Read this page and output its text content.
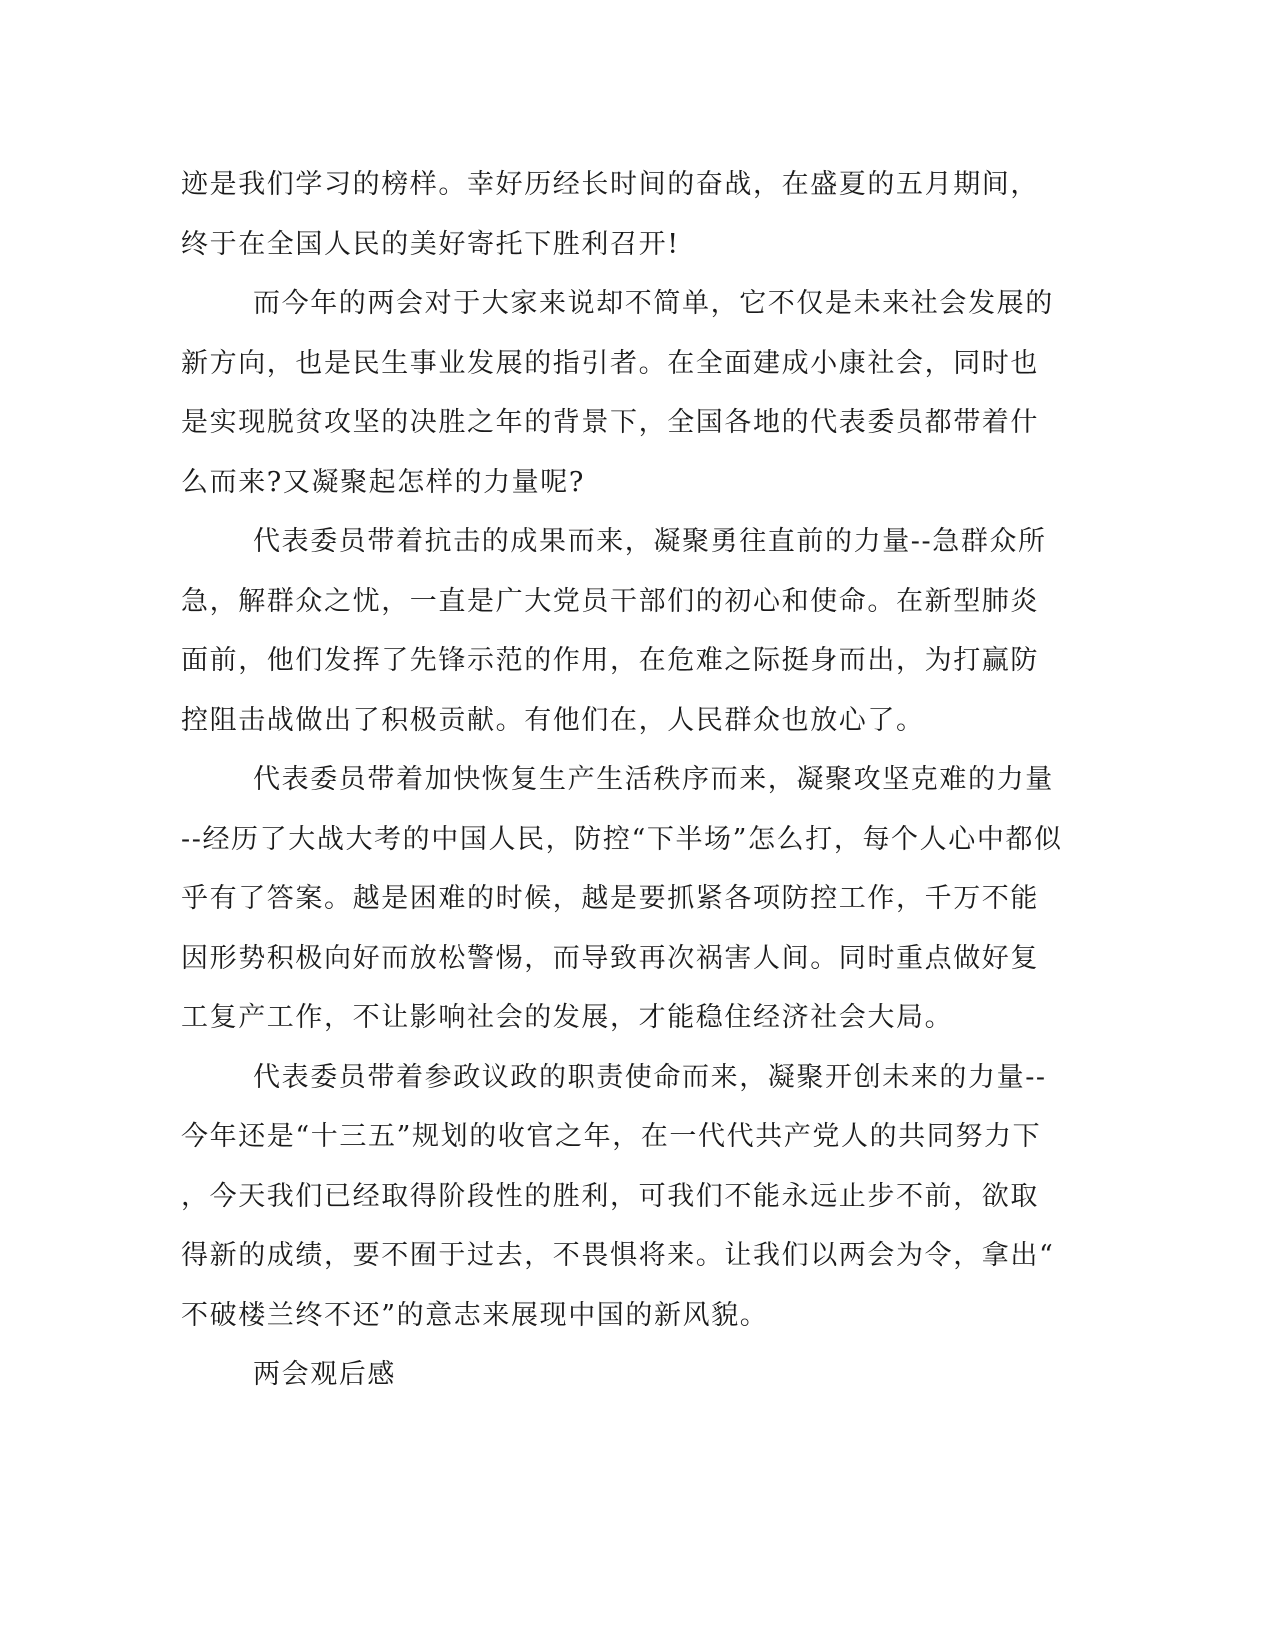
迹是我们学习的榜样。幸好历经长时间的奋战，在盛夏的五月期间，
终于在全国人民的美好寄托下胜利召开!
而今年的两会对于大家来说却不简单，它不仅是未来社会发展的
新方向，也是民生事业发展的指引者。在全面建成小康社会，同时也
是实现脱贫攻坚的决胜之年的背景下，全国各地的代表委员都带着什
么而来?又凝聚起怎样的力量呢?
代表委员带着抗击的成果而来，凝聚勇往直前的力量--急群众所
急，解群众之忧，一直是广大党员干部们的初心和使命。在新型肺炎
面前，他们发挥了先锋示范的作用，在危难之际挺身而出，为打赢防
控阻击战做出了积极贡献。有他们在，人民群众也放心了。
代表委员带着加快恢复生产生活秩序而来，凝聚攻坚克难的力量
--经历了大战大考的中国人民，防控“下半场”怎么打，每个人心中都似
乎有了答案。越是困难的时候，越是要抓紧各项防控工作，千万不能
因形势积极向好而放松警惕，而导致再次祸害人间。同时重点做好复
工复产工作，不让影响社会的发展，才能稳住经济社会大局。
代表委员带着参政议政的职责使命而来，凝聚开创未来的力量--
今年还是“十三五”规划的收官之年，在一代代共产党人的共同努力下
，今天我们已经取得阶段性的胜利，可我们不能永远止步不前，欲取
得新的成绩，要不囿于过去，不畏惧将来。让我们以两会为令，拿出“
不破楼兰终不还”的意志来展现中国的新风貌。
两会观后感
